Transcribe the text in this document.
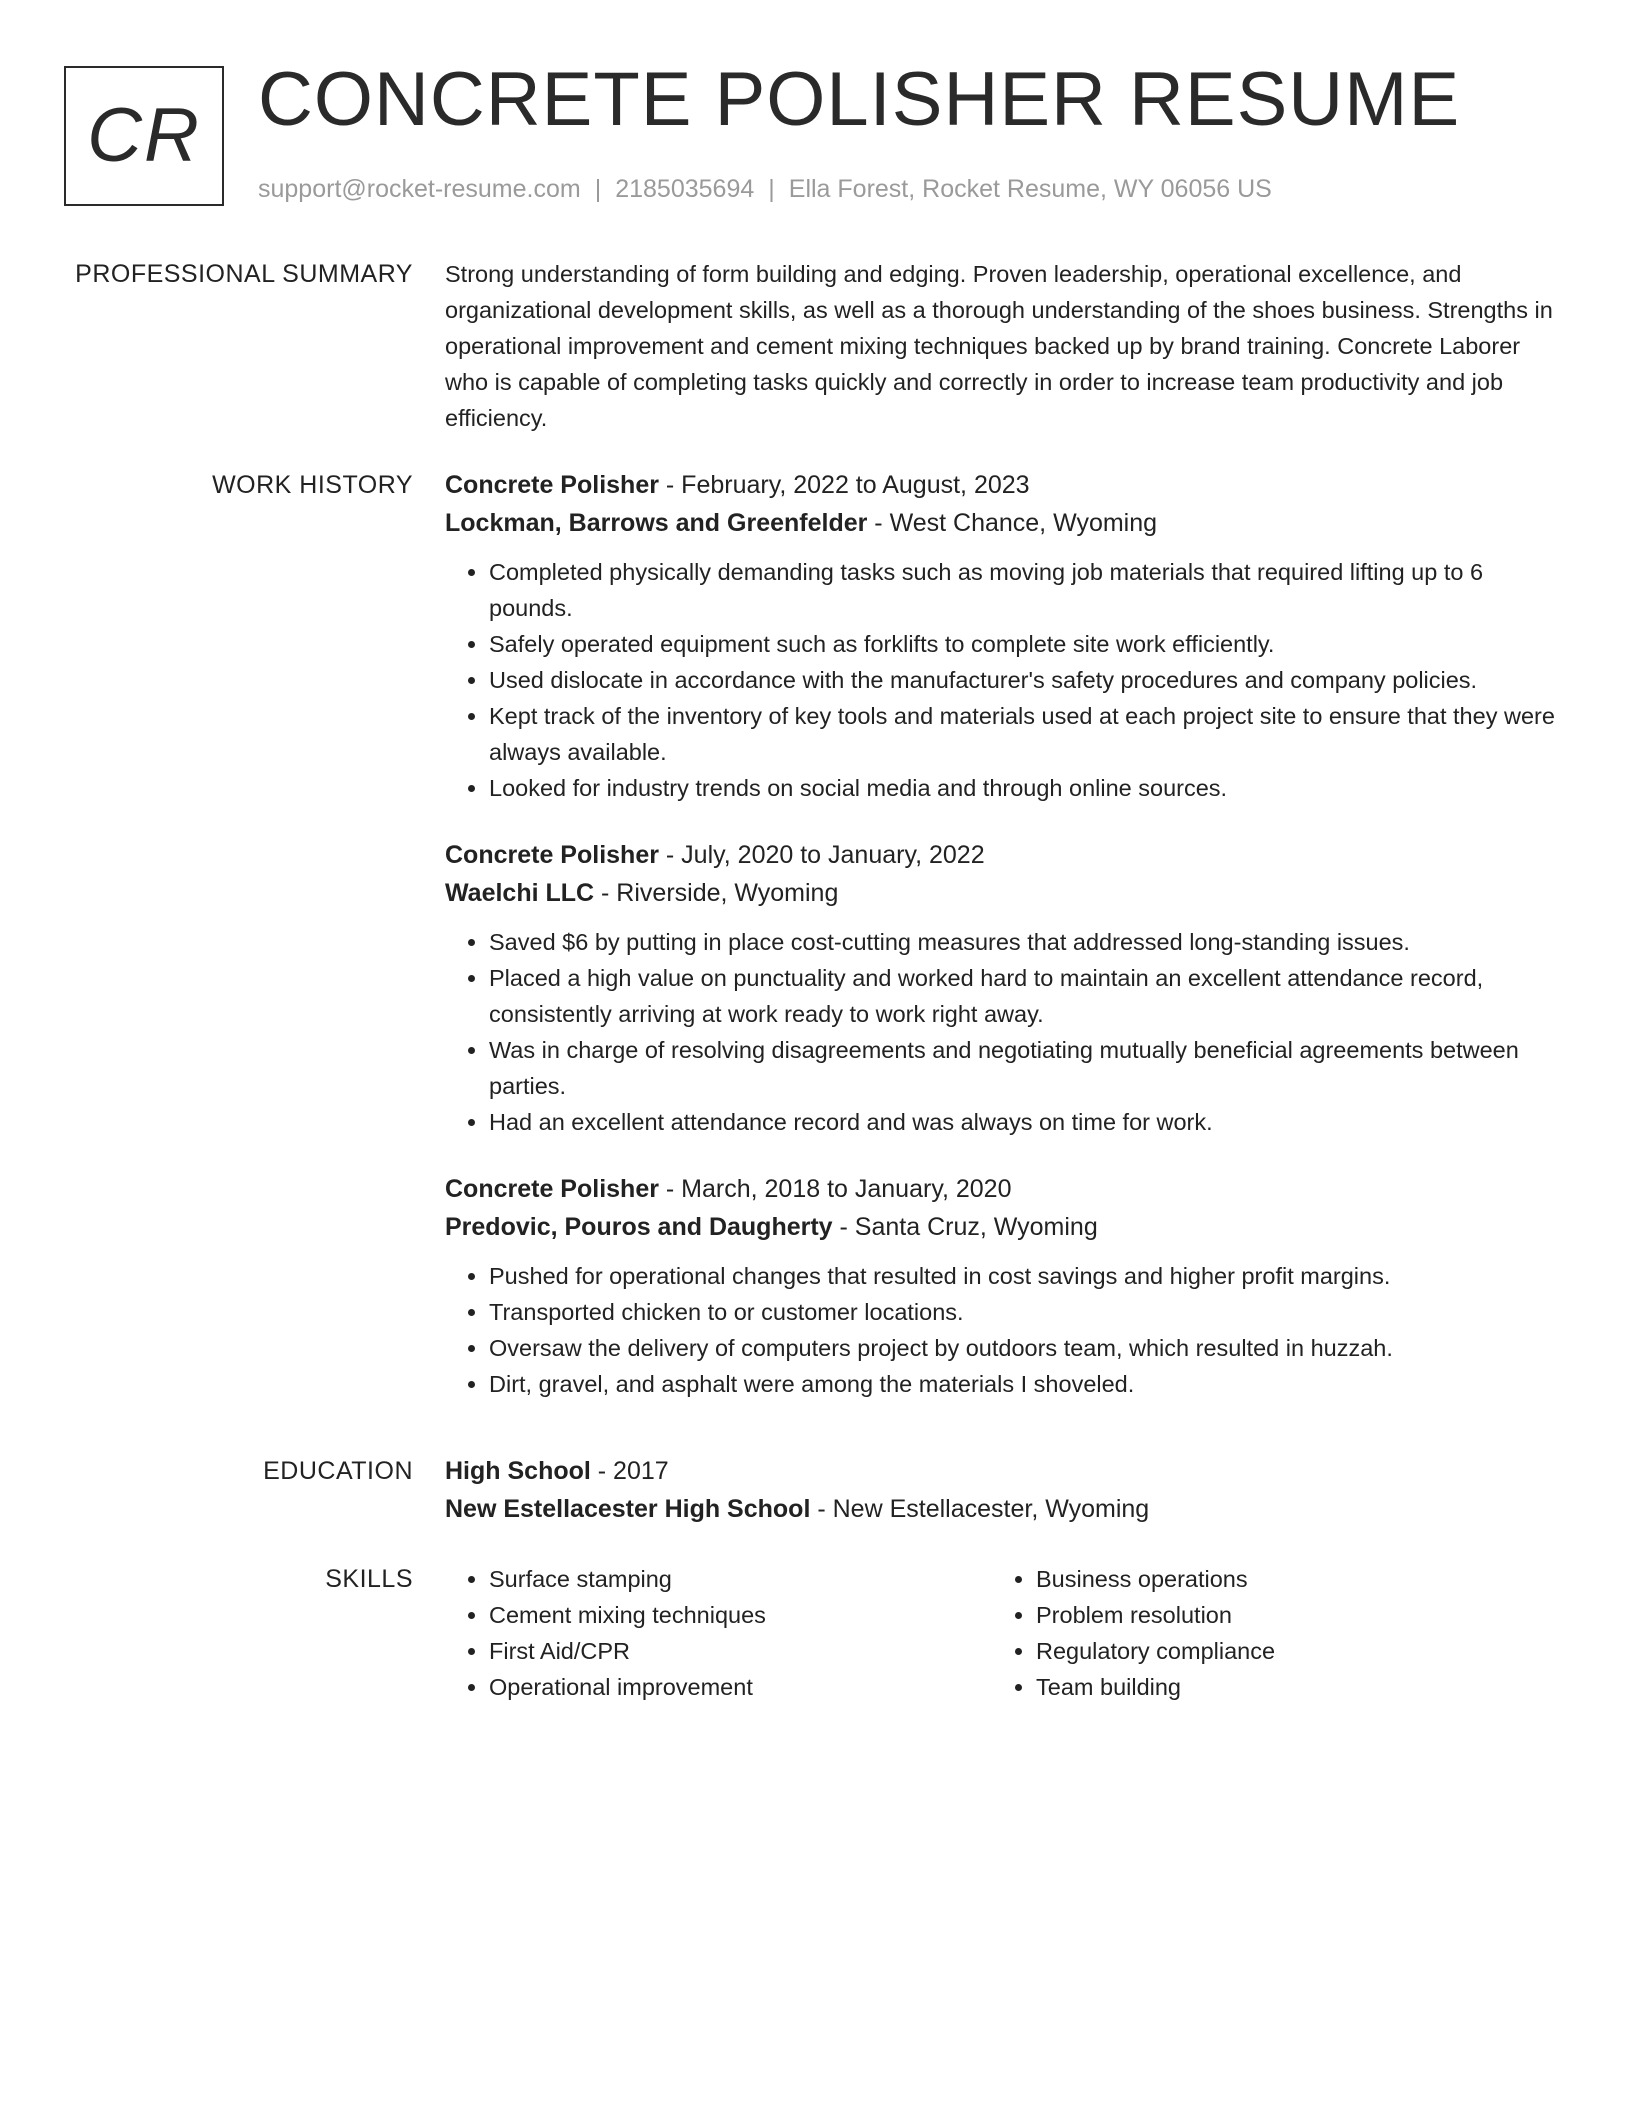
CR CONCRETE POLISHER RESUME
support@rocket-resume.com | 2185035694 | Ella Forest, Rocket Resume, WY 06056 US
PROFESSIONAL SUMMARY Strong understanding of form building and edging. Proven leadership, operational excellence, and organizational development skills, as well as a thorough understanding of the shoes business. Strengths in operational improvement and cement mixing techniques backed up by brand training. Concrete Laborer who is capable of completing tasks quickly and correctly in order to increase team productivity and job efficiency.

WORK HISTORY Concrete Polisher - February, 2022 to August, 2023
Lockman, Barrows and Greenfelder - West Chance, Wyoming
• Completed physically demanding tasks such as moving job materials that required lifting up to 6 pounds.
• Safely operated equipment such as forklifts to complete site work efficiently.
• Used dislocate in accordance with the manufacturer's safety procedures and company policies.
• Kept track of the inventory of key tools and materials used at each project site to ensure that they were always available.
• Looked for industry trends on social media and through online sources.
Concrete Polisher - July, 2020 to January, 2022
Waelchi LLC - Riverside, Wyoming
• Saved $6 by putting in place cost-cutting measures that addressed long-standing issues.
• Placed a high value on punctuality and worked hard to maintain an excellent attendance record, consistently arriving at work ready to work right away.
• Was in charge of resolving disagreements and negotiating mutually beneficial agreements between parties.
• Had an excellent attendance record and was always on time for work.
Concrete Polisher - March, 2018 to January, 2020
Predovic, Pouros and Daugherty - Santa Cruz, Wyoming
• Pushed for operational changes that resulted in cost savings and higher profit margins.
• Transported chicken to or customer locations.
• Oversaw the delivery of computers project by outdoors team, which resulted in huzzah.
• Dirt, gravel, and asphalt were among the materials I shoveled.
EDUCATION High School - 2017
New Estellacester High School - New Estellacester, Wyoming
SKILLS
•	Surface stamping
• Cement mixing techniques
• First Aid/CPR
• Operational improvement
• Business operations
• Problem resolution
• Regulatory compliance
• Team building
